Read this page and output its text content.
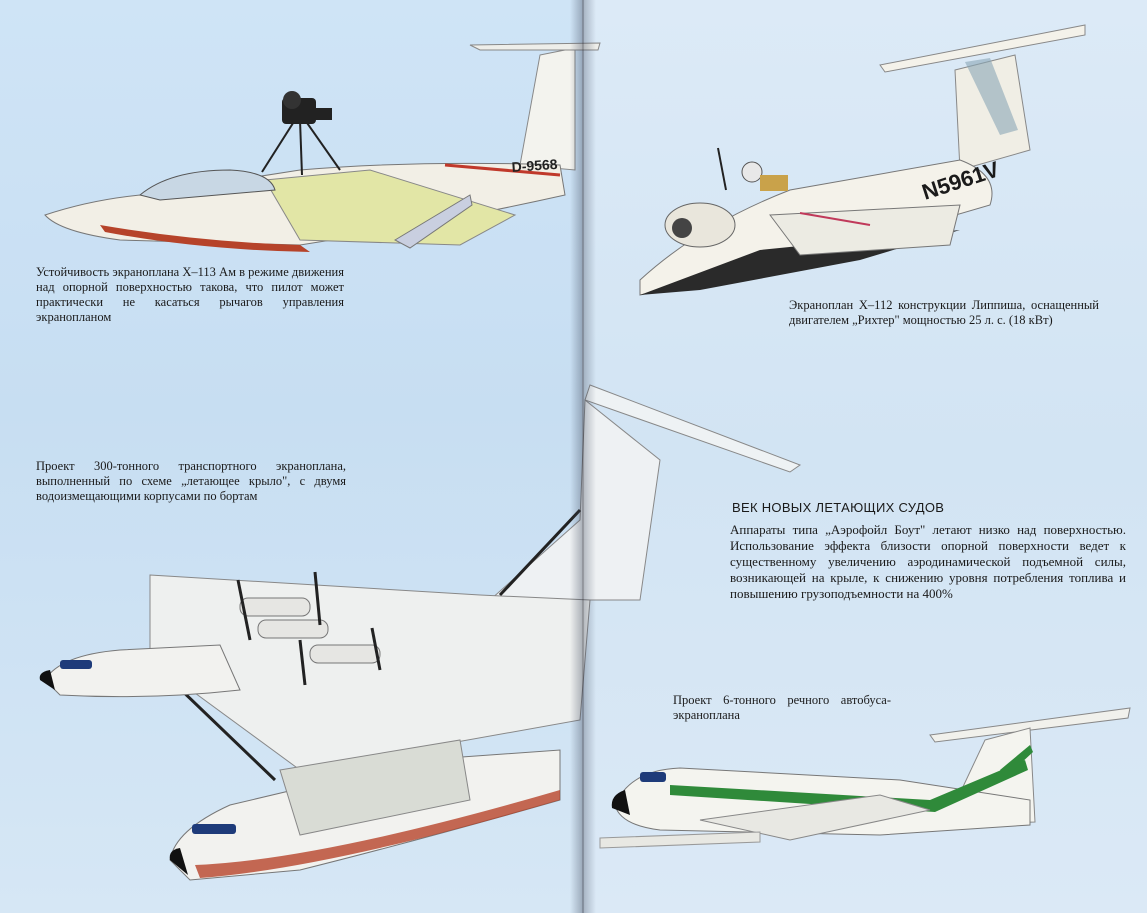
N5961V
Устойчивость экраноплана Х–113 Ам в режиме движения над опорной поверхностью такова, что пилот может практически не касаться рычагов управления экранопланом
Проект 300-тонного транспортного экраноплана, выполненный по схеме „летающее крыло", с двумя водоизмещающими корпусами по бортам
Экраноплан Х–112 конструкции Липпиша, оснащенный двигателем „Рихтер" мощностью 25 л. с. (18 кВт)
ВЕК НОВЫХ ЛЕТАЮЩИХ СУДОВ
Аппараты типа „Аэрофойл Боут" летают низко над поверхностью. Использование эффекта близости опорной поверхности ведет к существенному увеличению аэродинамической подъемной силы, возникающей на крыле, к снижению уровня потребления топлива и повышению грузоподъемности на 400%
Проект 6-тонного речного автобуса-экраноплана
D-9568
